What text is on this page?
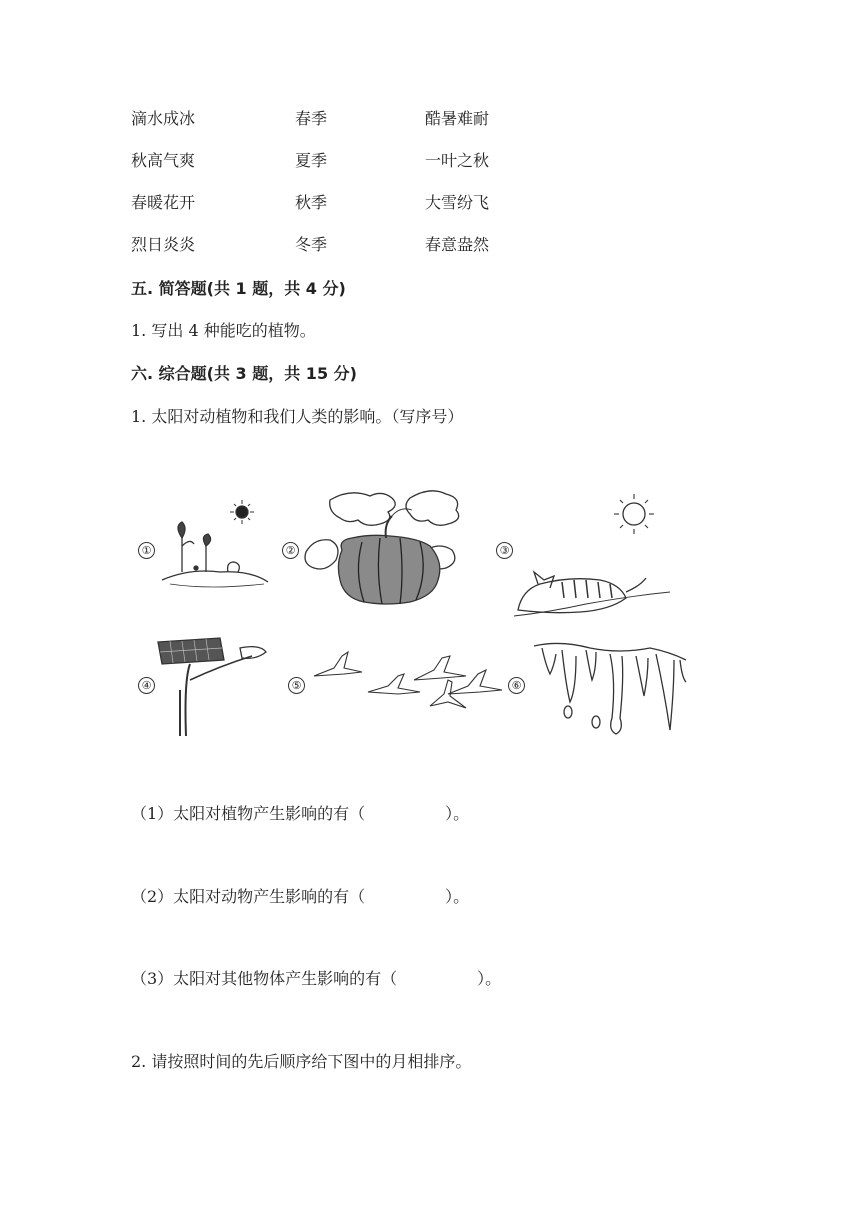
滴水成冰	春季	酷暑难耐
秋高气爽	夏季	一叶之秋
春暖花开	秋季	大雪纷飞
烈日炎炎	冬季	春意盎然
五. 简答题(共 1 题，共 4 分)
1. 写出 4 种能吃的植物。
六. 综合题(共 3 题，共 15 分)
1. 太阳对动植物和我们人类的影响。（写序号）
①	②	③
④	⑤	⑥
（1）太阳对植物产生影响的有（　　　　　）。
（2）太阳对动物产生影响的有（　　　　　）。
（3）太阳对其他物体产生影响的有（　　　　　）。
2. 请按照时间的先后顺序给下图中的月相排序。
